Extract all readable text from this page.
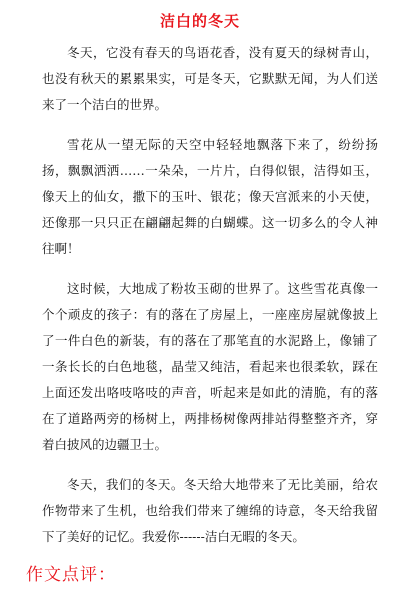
洁白的冬天

冬天，它没有春天的鸟语花香，没有夏天的绿树青山，也没有秋天的累累果实，可是冬天，它默默无闻，为人们送来了一个洁白的世界。

雪花从一望无际的天空中轻轻地飘落下来了，纷纷扬扬，飘飘洒洒……一朵朵，一片片，白得似银，洁得如玉，像天上的仙女，撒下的玉叶、银花；像天宫派来的小天使，还像那一只只正在翩翩起舞的白蝴蝶。这一切多么的令人神往啊！

这时候，大地成了粉妆玉砌的世界了。这些雪花真像一个个顽皮的孩子：有的落在了房屋上，一座座房屋就像披上了一件白色的新装，有的落在了那笔直的水泥路上，像铺了一条长长的白色地毯，晶莹又纯洁，看起来也很柔软，踩在上面还发出咯吱咯吱的声音，听起来是如此的清脆，有的落在了道路两旁的杨树上，两排杨树像两排站得整整齐齐，穿着白披风的边疆卫士。

冬天，我们的冬天。冬天给大地带来了无比美丽，给农作物带来了生机，也给我们带来了缠绵的诗意，冬天给我留下了美好的记忆。我爱你------洁白无暇的冬天。

作文点评：
